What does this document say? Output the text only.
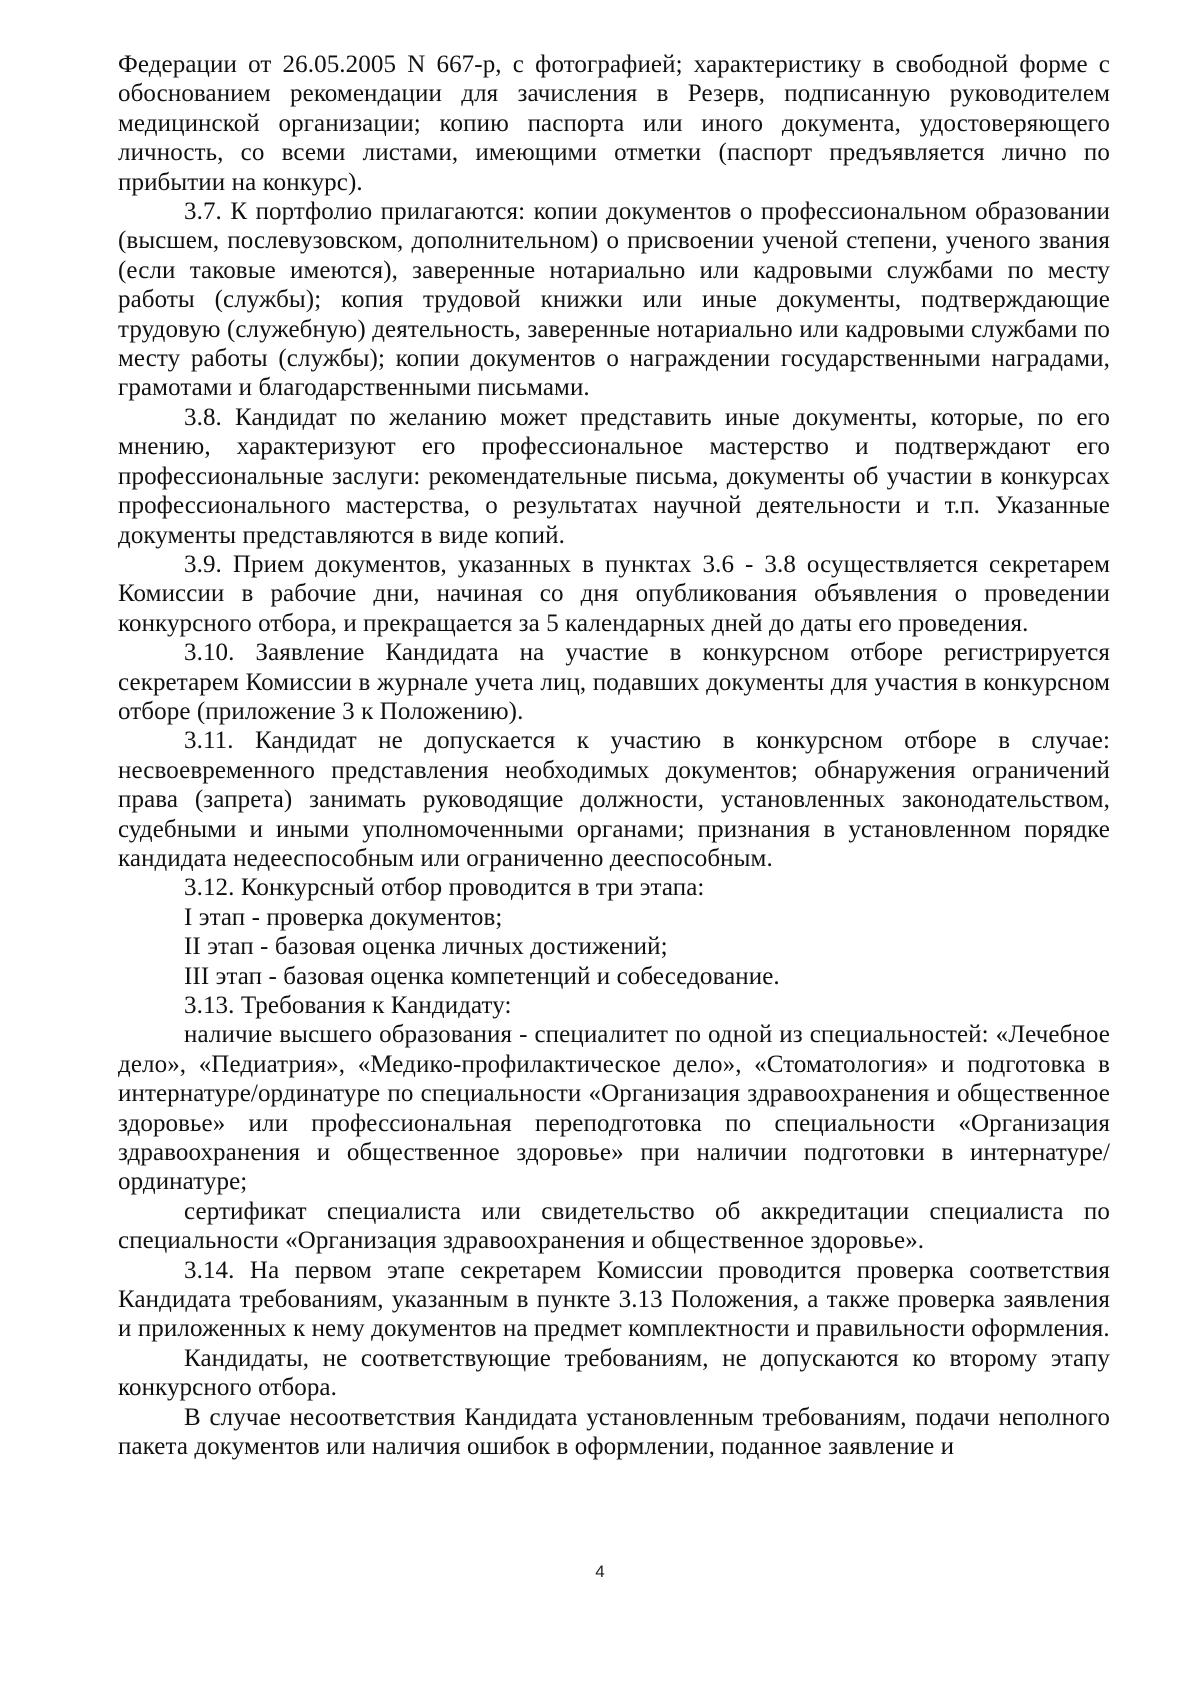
Федерации от 26.05.2005 N 667-р, с фотографией; характеристику в свободной форме с обоснованием рекомендации для зачисления в Резерв, подписанную руководителем медицинской организации; копию паспорта или иного документа, удостоверяющего личность, со всеми листами, имеющими отметки (паспорт предъявляется лично по прибытии на конкурс).

3.7. К портфолио прилагаются: копии документов о профессиональном образовании (высшем, послевузовском, дополнительном) о присвоении ученой степени, ученого звания (если таковые имеются), заверенные нотариально или кадровыми службами по месту работы (службы); копия трудовой книжки или иные документы, подтверждающие трудовую (служебную) деятельность, заверенные нотариально или кадровыми службами по месту работы (службы); копии документов о награждении государственными наградами, грамотами и благодарственными письмами.

3.8. Кандидат по желанию может представить иные документы, которые, по его мнению, характеризуют его профессиональное мастерство и подтверждают его профессиональные заслуги: рекомендательные письма, документы об участии в конкурсах профессионального мастерства, о результатах научной деятельности и т.п. Указанные документы представляются в виде копий.

3.9. Прием документов, указанных в пунктах 3.6 - 3.8 осуществляется секретарем Комиссии в рабочие дни, начиная со дня опубликования объявления о проведении конкурсного отбора, и прекращается за 5 календарных дней до даты его проведения.

3.10. Заявление Кандидата на участие в конкурсном отборе регистрируется секретарем Комиссии в журнале учета лиц, подавших документы для участия в конкурсном отборе (приложение 3 к Положению).

3.11. Кандидат не допускается к участию в конкурсном отборе в случае: несвоевременного представления необходимых документов; обнаружения ограничений права (запрета) занимать руководящие должности, установленных законодательством, судебными и иными уполномоченными органами; признания в установленном порядке кандидата недееспособным или ограниченно дееспособным.

3.12. Конкурсный отбор проводится в три этапа:

I этап - проверка документов;

II этап - базовая оценка личных достижений;

III этап - базовая оценка компетенций и собеседование.

3.13. Требования к Кандидату:

наличие высшего образования - специалитет по одной из специальностей: «Лечебное дело», «Педиатрия», «Медико-профилактическое дело», «Стоматология» и подготовка в интернатуре/ординатуре по специальности «Организация здравоохранения и общественное здоровье» или профессиональная переподготовка по специальности «Организация здравоохранения и общественное здоровье» при наличии подготовки в интернатуре/ординатуре;

сертификат специалиста или свидетельство об аккредитации специалиста по специальности «Организация здравоохранения и общественное здоровье».

3.14. На первом этапе секретарем Комиссии проводится проверка соответствия Кандидата требованиям, указанным в пункте 3.13 Положения, а также проверка заявления и приложенных к нему документов на предмет комплектности и правильности оформления.

Кандидаты, не соответствующие требованиям, не допускаются ко второму этапу конкурсного отбора.

В случае несоответствия Кандидата установленным требованиям, подачи неполного пакета документов или наличия ошибок в оформлении, поданное заявление и

4
